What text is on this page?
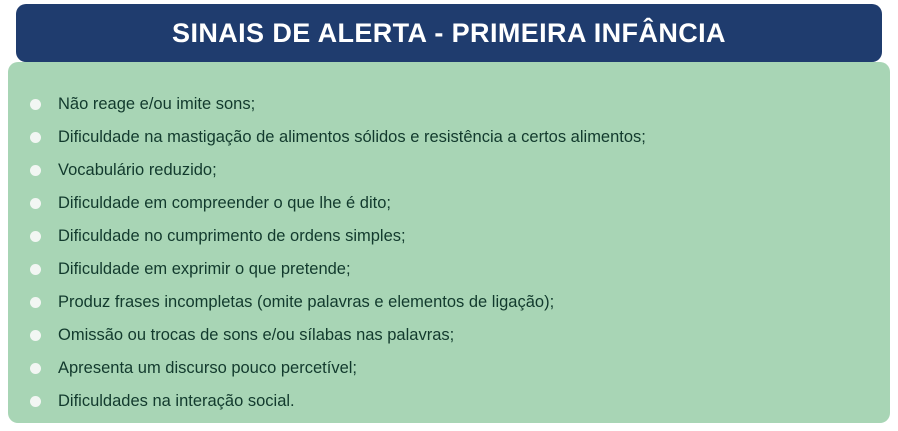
SINAIS DE ALERTA - PRIMEIRA INFÂNCIA
Não reage e/ou imite sons;
Dificuldade na mastigação de alimentos sólidos e resistência a certos alimentos;
Vocabulário reduzido;
Dificuldade em compreender o que lhe é dito;
Dificuldade no cumprimento de ordens simples;
Dificuldade em exprimir o que pretende;
Produz frases incompletas (omite palavras e elementos de ligação);
Omissão ou trocas de sons e/ou sílabas nas palavras;
Apresenta um discurso pouco percetível;
Dificuldades na interação social.
